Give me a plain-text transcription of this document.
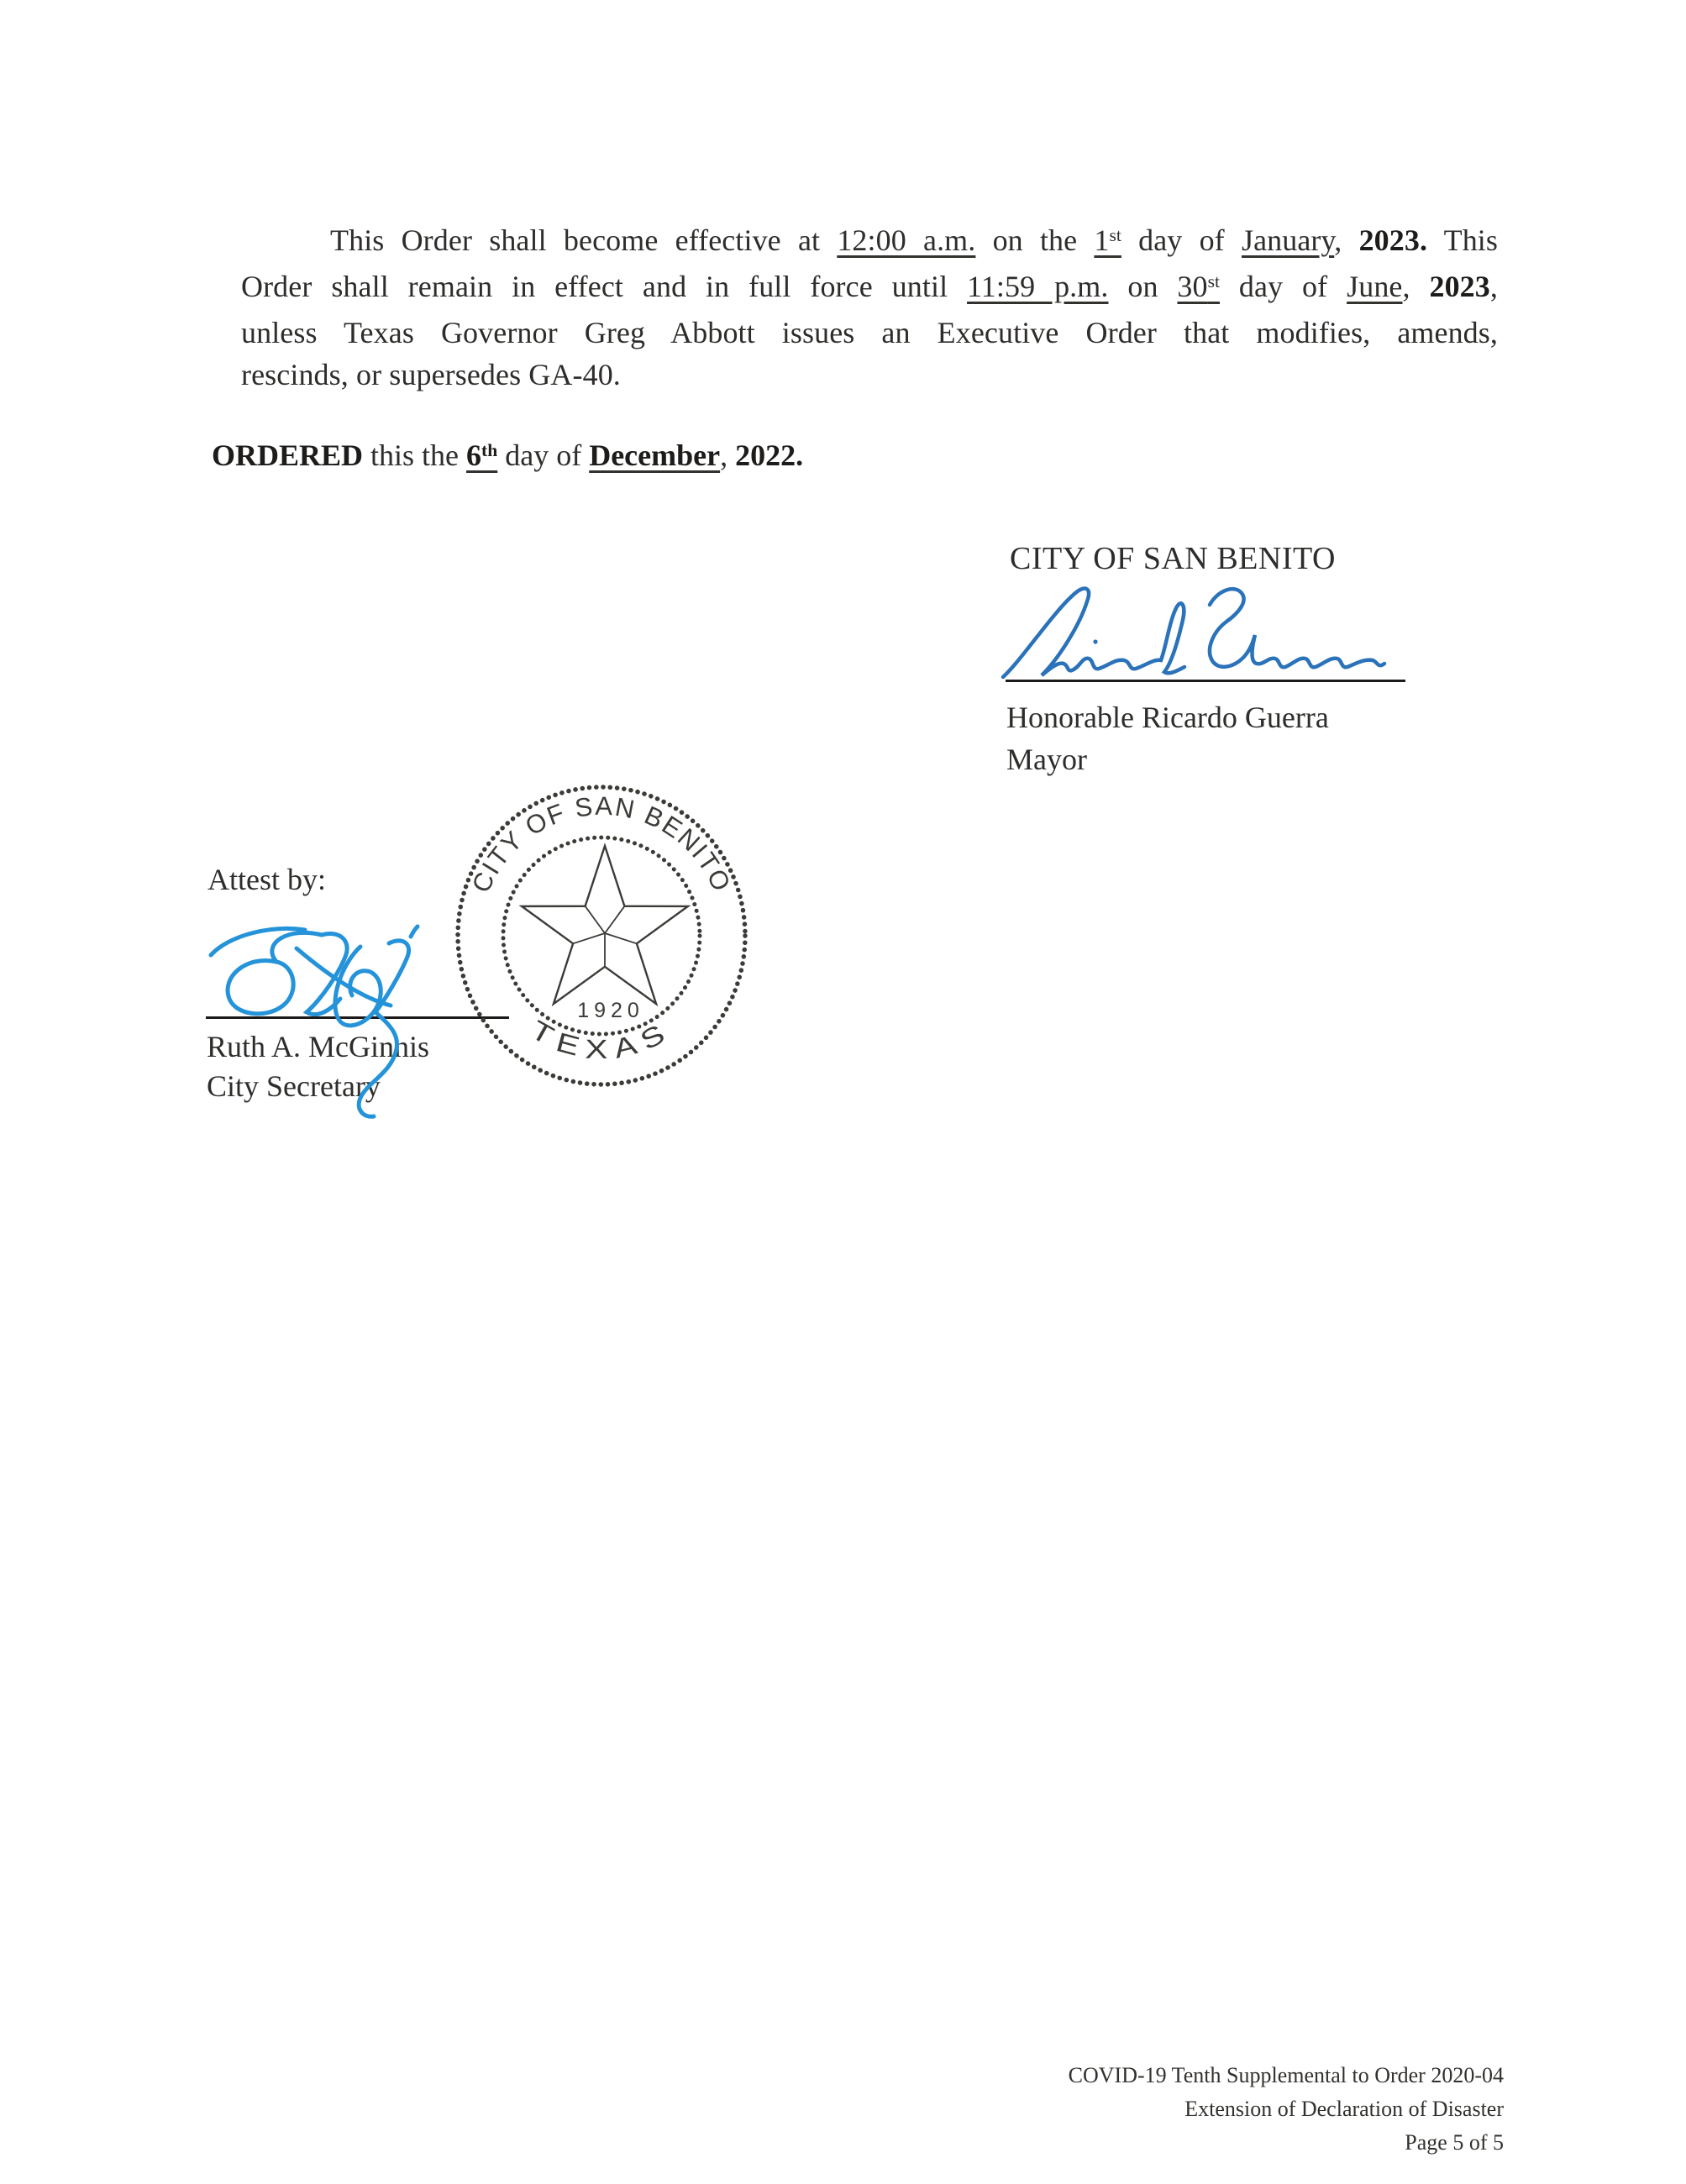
This Order shall become effective at 12:00 a.m. on the 1st day of January, 2023. This
Order shall remain in effect and in full force until 11:59 p.m. on 30st day of June, 2023,
unless Texas Governor Greg Abbott issues an Executive Order that modifies, amends,
rescinds, or supersedes GA-40.
ORDERED this the 6th day of December, 2022.
CITY OF SAN BENITO
Honorable Ricardo Guerra
Mayor
Attest by:
Ruth A. McGinnis
City Secretary
CITY OF SAN BENITO
TEXAS
1920
COVID-19 Tenth Supplemental to Order 2020-04
Extension of Declaration of Disaster
Page 5 of 5
